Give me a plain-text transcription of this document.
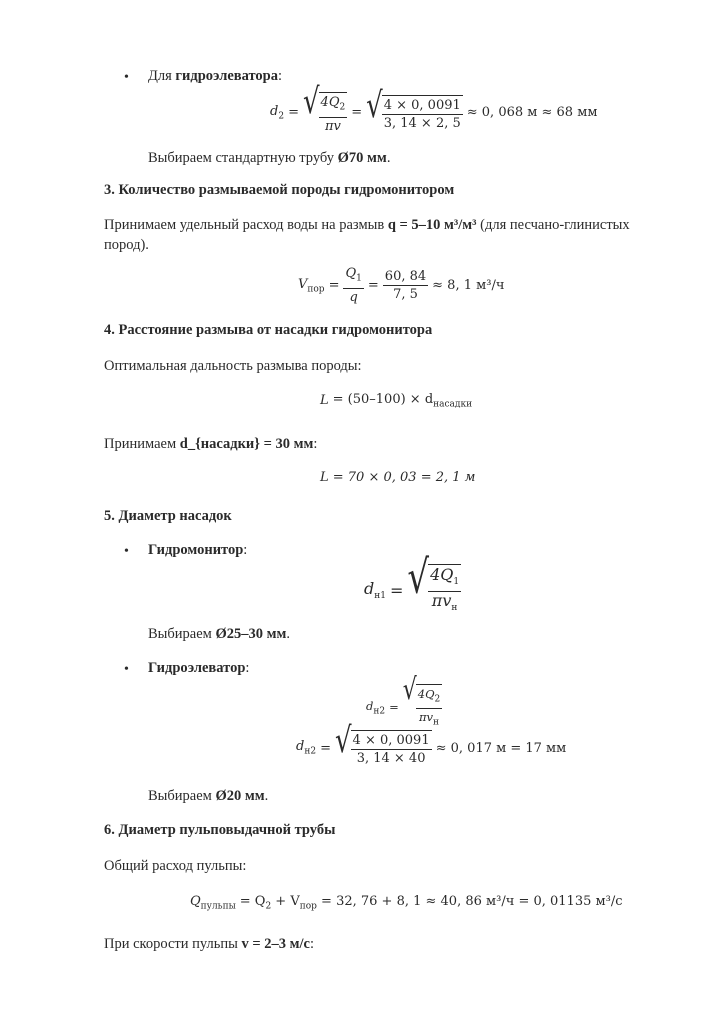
• Для гидроэлеватора:
$d_2$ = √ $\frac{4Q_2}{\pi v}$ = √ $\frac{4 \times 0, 0091}{3, 14 \times 2, 5} \approx 0$, 068 м ≈ 68 мм
Выбираем стандартную трубу Ø70 мм.
3. Количество размываемой породы гидромонитором
Принимаем удельный расход воды на размыв q = 5–10 м³/м³ (для песчано-глинистых пород).
$V_{пор} = \frac{Q_1}{q} = \frac{60, 84}{7, 5} \approx 8$, 1 м³/ч
4. Расстояние размыва от насадки гидромонитора
Оптимальная дальность размыва породы:
$L = (50-100) \times d_{насадки}$
Принимаем d_{насадки} = 30 мм:
L = 70 × 0, 03 = 2, 1 м
5. Диаметр насадок
• Гидромонитор:
$d_{н1}$ = √ $\frac{4Q_1}{\pi v_н}$
Выбираем Ø25–30 мм.
• Гидроэлеватор:
$d_{н2}$ =
√ $\frac{4Q_2}{\pi v_н}$
$d_{н2}$ = √ $\frac{4 \times 0, 0091}{3, 14 \times 40} \approx 0$, 017 м = 17 мм
Выбираем Ø20 мм.
6. Диаметр пульповыдачной трубы
Общий расход пульпы:
$Q_{пульпы} = Q_2 + V_{пор} = 32$, 76 + 8, 1 ≈ 40, 86 м³/ч = 0, 01135 м³/с
При скорости пульпы v = 2–3 м/с:
